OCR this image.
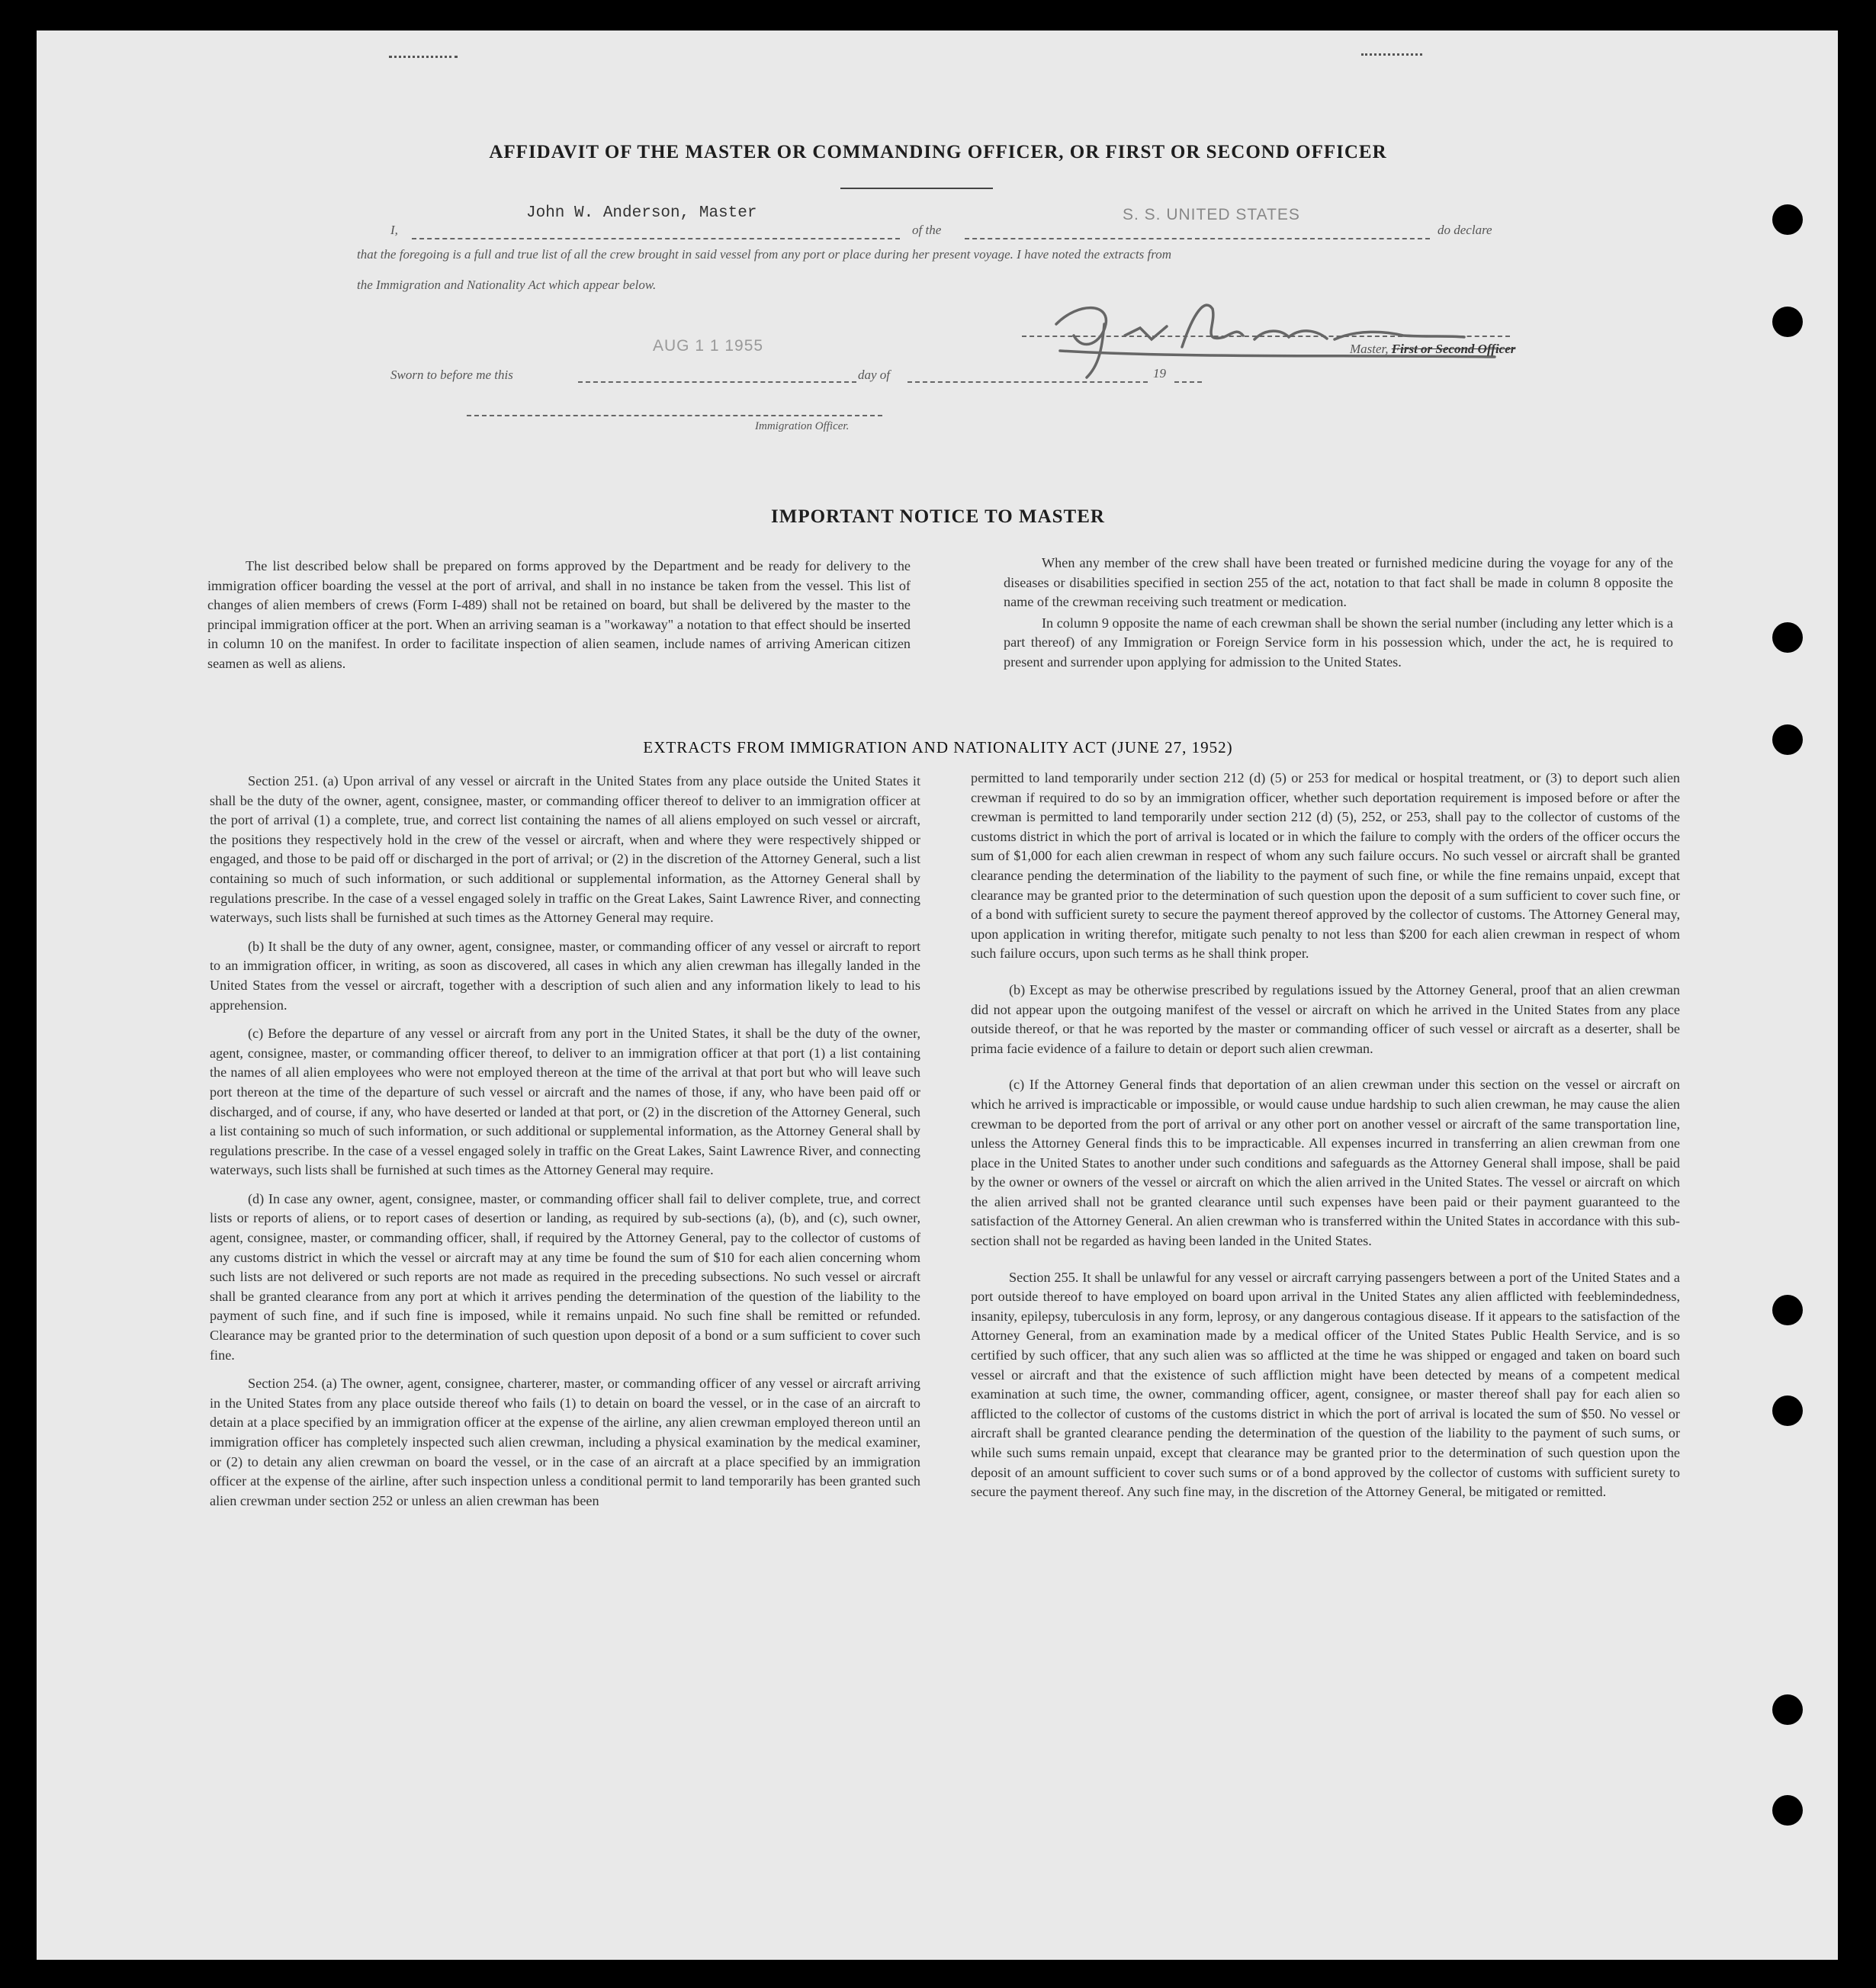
AFFIDAVIT OF THE MASTER OR COMMANDING OFFICER, OR FIRST OR SECOND OFFICER
I,
John W. Anderson, Master
of the
S. S. UNITED STATES
do declare
that the foregoing is a full and true list of all the crew brought in said vessel from any port or place during her present voyage. I have noted the extracts from
the Immigration and Nationality Act which appear below.
AUG 1 1 1955	Master, First or Second Officer
Sworn to before me this	day of	19
Immigration Officer.
IMPORTANT NOTICE TO MASTER

The list described below shall be prepared on forms approved by the Department and be ready for delivery to the immigration officer boarding the vessel at the port of arrival, and shall in no instance be taken from the vessel. This list of changes of alien members of crews (Form I-489) shall not be retained on board, but shall be delivered by the master to the principal immigration officer at the port. When an arriving seaman is a "workaway" a notation to that effect should be inserted in column 10 on the manifest. In order to facilitate inspection of alien seamen, include names of arriving American citizen seamen as well as aliens.

When any member of the crew shall have been treated or furnished medicine during the voyage for any of the diseases or disabilities specified in section 255 of the act, notation to that fact shall be made in column 8 opposite the name of the crewman receiving such treatment or medication.

In column 9 opposite the name of each crewman shall be shown the serial number (including any letter which is a part thereof) of any Immigration or Foreign Service form in his possession which, under the act, he is required to present and surrender upon applying for admission to the United States.

EXTRACTS FROM IMMIGRATION AND NATIONALITY ACT (JUNE 27, 1952)

Section 251. (a) Upon arrival of any vessel or aircraft in the United States from any place outside the United States it shall be the duty of the owner, agent, consignee, master, or commanding officer thereof to deliver to an immigration officer at the port of arrival (1) a complete, true, and correct list containing the names of all aliens employed on such vessel or aircraft, the positions they respectively hold in the crew of the vessel or aircraft, when and where they were respectively shipped or engaged, and those to be paid off or discharged in the port of arrival; or (2) in the discretion of the Attorney General, such a list containing so much of such information, or such additional or supplemental information, as the Attorney General shall by regulations prescribe. In the case of a vessel engaged solely in traffic on the Great Lakes, Saint Lawrence River, and connecting waterways, such lists shall be furnished at such times as the Attorney General may require.

(b) It shall be the duty of any owner, agent, consignee, master, or commanding officer of any vessel or aircraft to report to an immigration officer, in writing, as soon as discovered, all cases in which any alien crewman has illegally landed in the United States from the vessel or aircraft, together with a description of such alien and any information likely to lead to his apprehension.

(c) Before the departure of any vessel or aircraft from any port in the United States, it shall be the duty of the owner, agent, consignee, master, or commanding officer thereof, to deliver to an immigration officer at that port (1) a list containing the names of all alien employees who were not employed thereon at the time of the arrival at that port but who will leave such port thereon at the time of the departure of such vessel or aircraft and the names of those, if any, who have been paid off or discharged, and of course, if any, who have deserted or landed at that port, or (2) in the discretion of the Attorney General, such a list containing so much of such information, or such additional or supplemental information, as the Attorney General shall by regulations prescribe. In the case of a vessel engaged solely in traffic on the Great Lakes, Saint Lawrence River, and connecting waterways, such lists shall be furnished at such times as the Attorney General may require.

(d) In case any owner, agent, consignee, master, or commanding officer shall fail to deliver complete, true, and correct lists or reports of aliens, or to report cases of desertion or landing, as required by sub-sections (a), (b), and (c), such owner, agent, consignee, master, or commanding officer, shall, if required by the Attorney General, pay to the collector of customs of any customs district in which the vessel or aircraft may at any time be found the sum of $10 for each alien concerning whom such lists are not delivered or such reports are not made as required in the preceding subsections. No such vessel or aircraft shall be granted clearance from any port at which it arrives pending the determination of the question of the liability to the payment of such fine, and if such fine is imposed, while it remains unpaid. No such fine shall be remitted or refunded. Clearance may be granted prior to the determination of such question upon deposit of a bond or a sum sufficient to cover such fine.

Section 254. (a) The owner, agent, consignee, charterer, master, or commanding officer of any vessel or aircraft arriving in the United States from any place outside thereof who fails (1) to detain on board the vessel, or in the case of an aircraft to detain at a place specified by an immigration officer at the expense of the airline, any alien crewman employed thereon until an immigration officer has completely inspected such alien crewman, including a physical examination by the medical examiner, or (2) to detain any alien crewman on board the vessel, or in the case of an aircraft at a place specified by an immigration officer at the expense of the airline, after such inspection unless a conditional permit to land temporarily has been granted such alien crewman under section 252 or unless an alien crewman has been

permitted to land temporarily under section 212 (d) (5) or 253 for medical or hospital treatment, or (3) to deport such alien crewman if required to do so by an immigration officer, whether such deportation requirement is imposed before or after the crewman is permitted to land temporarily under section 212 (d) (5), 252, or 253, shall pay to the collector of customs of the customs district in which the port of arrival is located or in which the failure to comply with the orders of the officer occurs the sum of $1,000 for each alien crewman in respect of whom any such failure occurs. No such vessel or aircraft shall be granted clearance pending the determination of the liability to the payment of such fine, or while the fine remains unpaid, except that clearance may be granted prior to the determination of such question upon the deposit of a sum sufficient to cover such fine, or of a bond with sufficient surety to secure the payment thereof approved by the collector of customs. The Attorney General may, upon application in writing therefor, mitigate such penalty to not less than $200 for each alien crewman in respect of whom such failure occurs, upon such terms as he shall think proper.

(b) Except as may be otherwise prescribed by regulations issued by the Attorney General, proof that an alien crewman did not appear upon the outgoing manifest of the vessel or aircraft on which he arrived in the United States from any place outside thereof, or that he was reported by the master or commanding officer of such vessel or aircraft as a deserter, shall be prima facie evidence of a failure to detain or deport such alien crewman.

(c) If the Attorney General finds that deportation of an alien crewman under this section on the vessel or aircraft on which he arrived is impracticable or impossible, or would cause undue hardship to such alien crewman, he may cause the alien crewman to be deported from the port of arrival or any other port on another vessel or aircraft of the same transportation line, unless the Attorney General finds this to be impracticable. All expenses incurred in transferring an alien crewman from one place in the United States to another under such conditions and safeguards as the Attorney General shall impose, shall be paid by the owner or owners of the vessel or aircraft on which the alien arrived in the United States. The vessel or aircraft on which the alien arrived shall not be granted clearance until such expenses have been paid or their payment guaranteed to the satisfaction of the Attorney General. An alien crewman who is transferred within the United States in accordance with this sub-section shall not be regarded as having been landed in the United States.

Section 255. It shall be unlawful for any vessel or aircraft carrying passengers between a port of the United States and a port outside thereof to have employed on board upon arrival in the United States any alien afflicted with feeblemindedness, insanity, epilepsy, tuberculosis in any form, leprosy, or any dangerous contagious disease. If it appears to the satisfaction of the Attorney General, from an examination made by a medical officer of the United States Public Health Service, and is so certified by such officer, that any such alien was so afflicted at the time he was shipped or engaged and taken on board such vessel or aircraft and that the existence of such affliction might have been detected by means of a competent medical examination at such time, the owner, commanding officer, agent, consignee, or master thereof shall pay for each alien so afflicted to the collector of customs of the customs district in which the port of arrival is located the sum of $50. No vessel or aircraft shall be granted clearance pending the determination of the question of the liability to the payment of such sums, or while such sums remain unpaid, except that clearance may be granted prior to the determination of such question upon the deposit of an amount sufficient to cover such sums or of a bond approved by the collector of customs with sufficient surety to secure the payment thereof. Any such fine may, in the discretion of the Attorney General, be mitigated or remitted.
